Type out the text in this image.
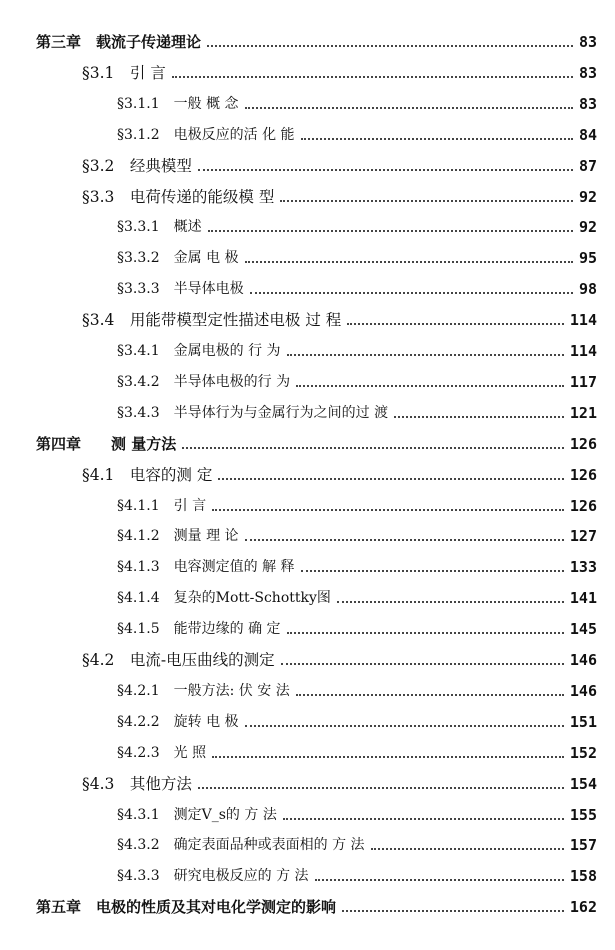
第三章　载流子传递理论	83
§3.1　引 言	83
§3.1.1　一般 概 念	83
§3.1.2　电极反应的活 化 能	84
§3.2　经典模型	87
§3.3　电荷传递的能级模 型	92
§3.3.1　概述	92
§3.3.2　金属 电 极	95
§3.3.3　半导体电极	98
§3.4　用能带模型定性描述电极 过 程	114
§3.4.1　金属电极的 行 为	114
§3.4.2　半导体电极的行 为	117
§3.4.3　半导体行为与金属行为之间的过 渡	121
第四章　　测 量方法	126
§4.1　电容的测 定	126
§4.1.1　引 言	126
§4.1.2　测量 理 论	127
§4.1.3　电容测定值的 解 释	133
§4.1.4　复杂的Mott-Schottky图	141
§4.1.5　能带边缘的 确 定	145
§4.2　电流-电压曲线的测定	146
§4.2.1　一般方法: 伏 安 法	146
§4.2.2　旋转 电 极	151
§4.2.3　光 照	152
§4.3　其他方法	154
§4.3.1　测定V_s的 方 法	155
§4.3.2　确定表面品种或表面相的 方 法	157
§4.3.3　研究电极反应的 方 法	158
第五章　电极的性质及其对电化学测定的影响	162
